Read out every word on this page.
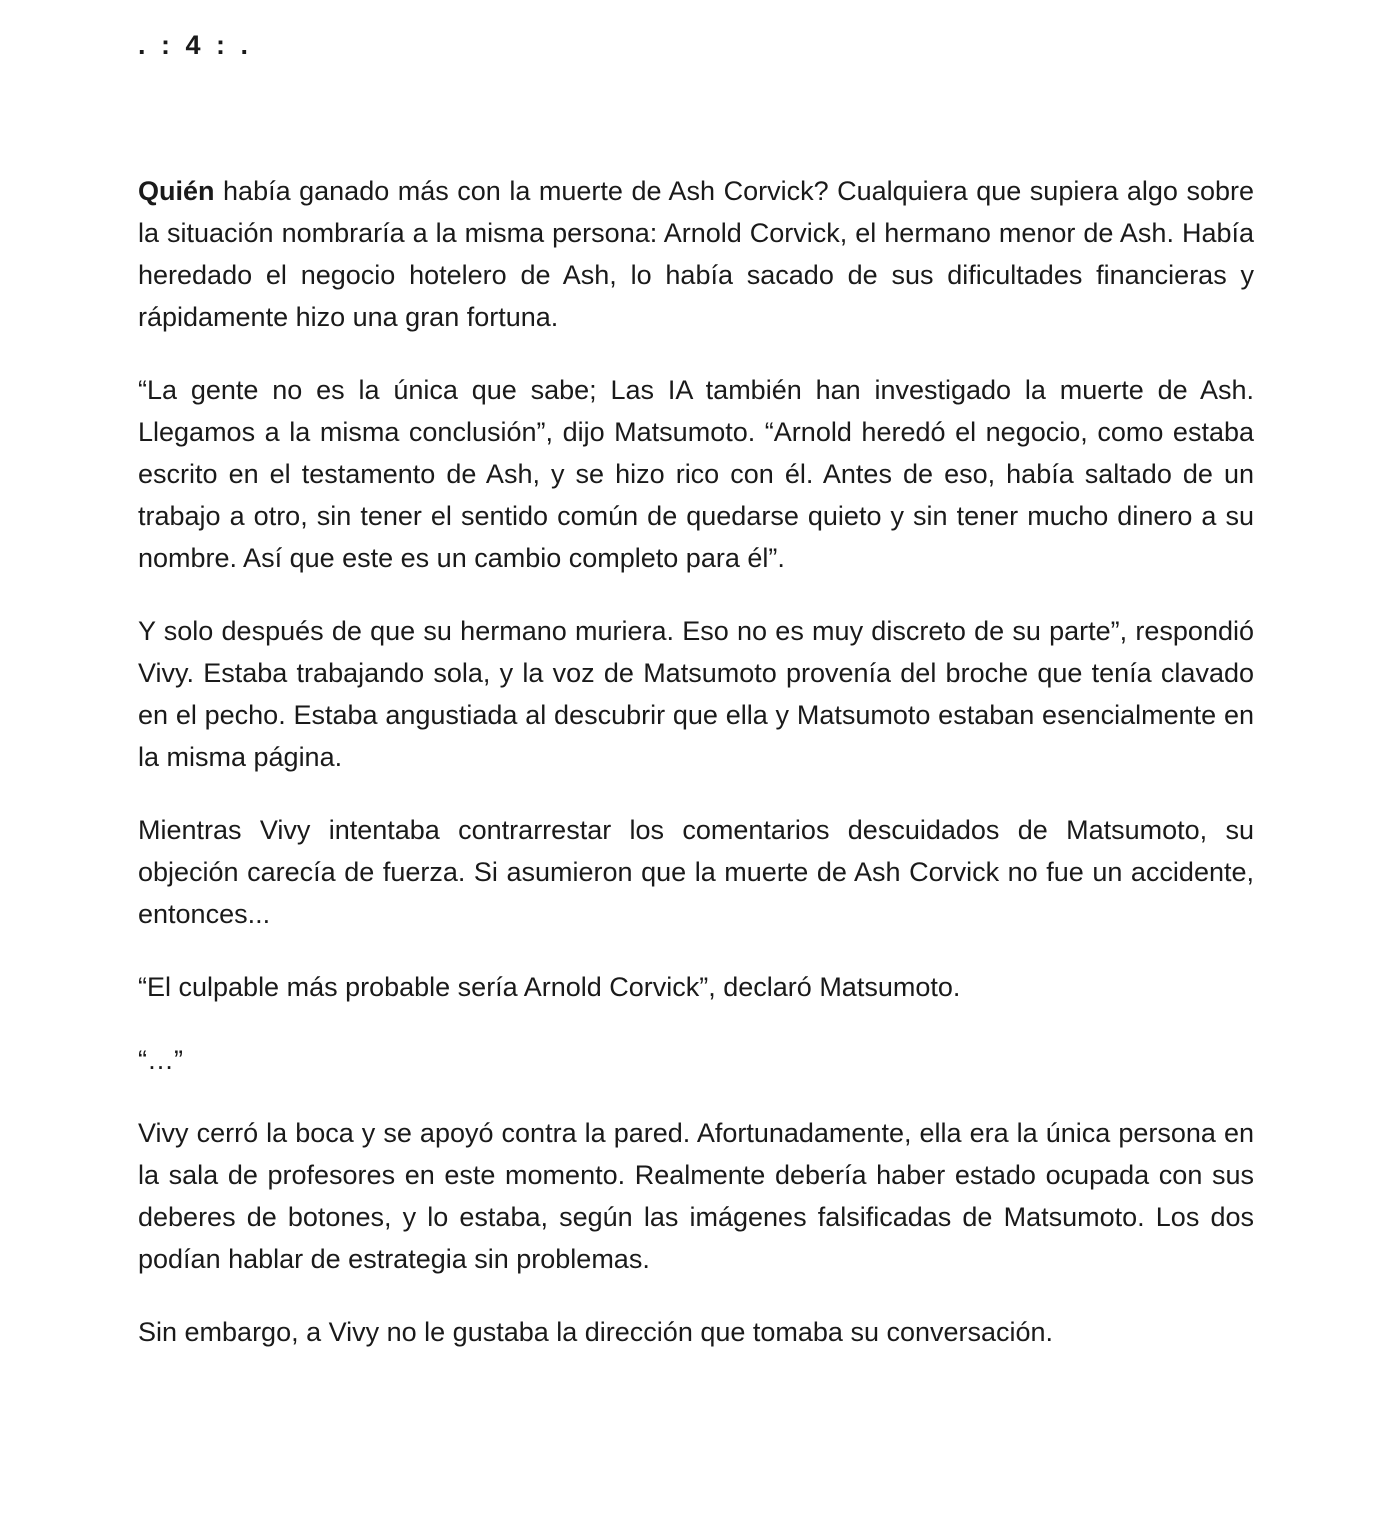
. : 4 : .

Quién había ganado más con la muerte de Ash Corvick? Cualquiera que supiera algo sobre la situación nombraría a la misma persona: Arnold Corvick, el hermano menor de Ash. Había heredado el negocio hotelero de Ash, lo había sacado de sus dificultades financieras y rápidamente hizo una gran fortuna.

“La gente no es la única que sabe; Las IA también han investigado la muerte de Ash. Llegamos a la misma conclusión”, dijo Matsumoto. “Arnold heredó el negocio, como estaba escrito en el testamento de Ash, y se hizo rico con él. Antes de eso, había saltado de un trabajo a otro, sin tener el sentido común de quedarse quieto y sin tener mucho dinero a su nombre. Así que este es un cambio completo para él”.

Y solo después de que su hermano muriera. Eso no es muy discreto de su parte”, respondió Vivy. Estaba trabajando sola, y la voz de Matsumoto provenía del broche que tenía clavado en el pecho. Estaba angustiada al descubrir que ella y Matsumoto estaban esencialmente en la misma página.

Mientras Vivy intentaba contrarrestar los comentarios descuidados de Matsumoto, su objeción carecía de fuerza. Si asumieron que la muerte de Ash Corvick no fue un accidente, entonces...

“El culpable más probable sería Arnold Corvick”, declaró Matsumoto.

“…”

Vivy cerró la boca y se apoyó contra la pared. Afortunadamente, ella era la única persona en la sala de profesores en este momento. Realmente debería haber estado ocupada con sus deberes de botones, y lo estaba, según las imágenes falsificadas de Matsumoto. Los dos podían hablar de estrategia sin problemas.

Sin embargo, a Vivy no le gustaba la dirección que tomaba su conversación.
